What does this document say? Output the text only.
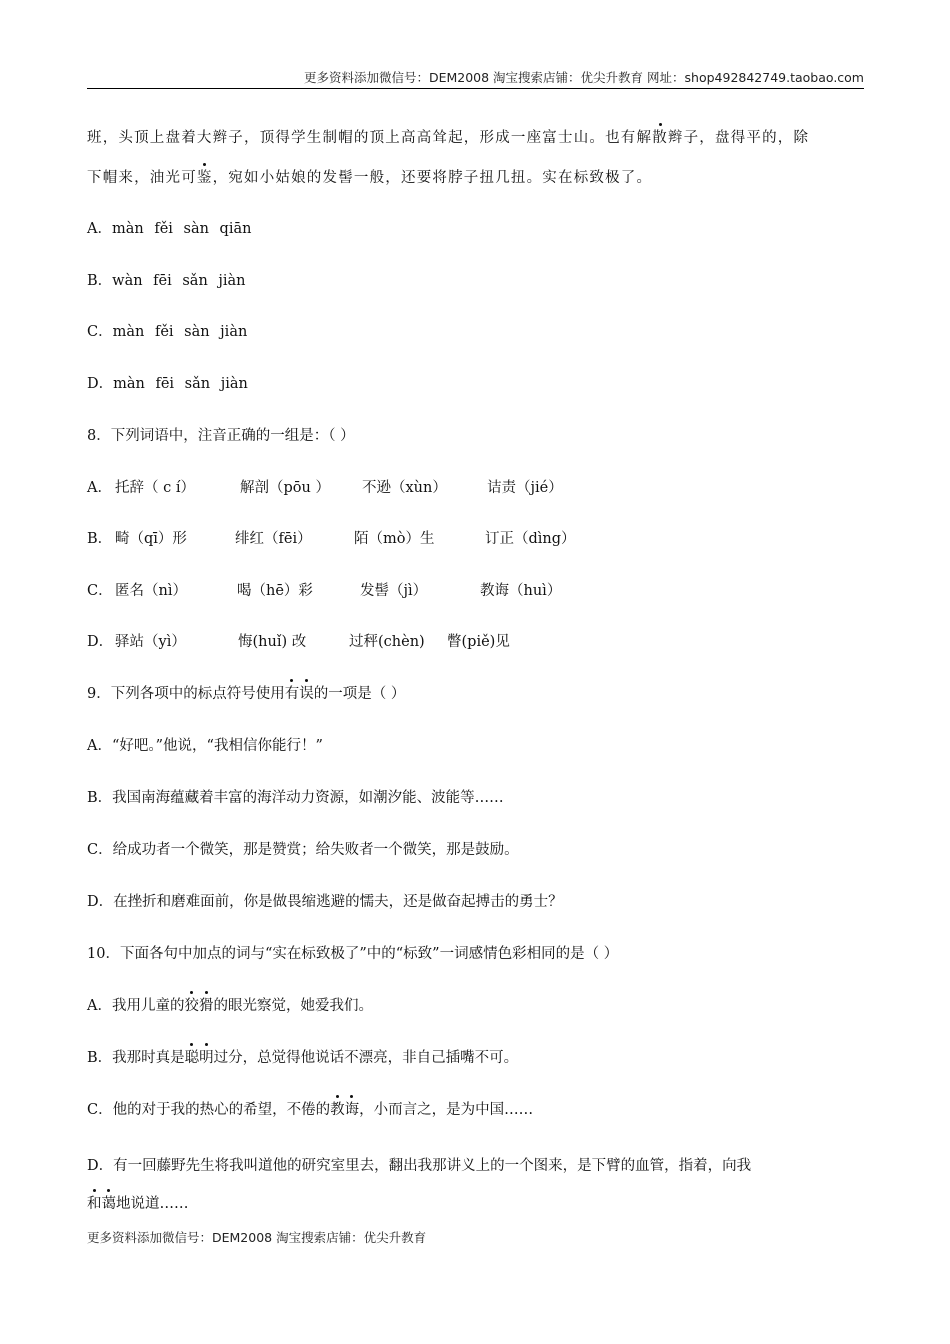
更多资料添加微信号：DEM2008 淘宝搜索店铺：优尖升教育 网址：shop492842749.taobao.com
班，头顶上盘着大辫子，顶得学生制帽的顶上高高耸起，形成一座富士山。也有解散辫子，盘得平的，除
下帽来，油光可鉴，宛如小姑娘的发髻一般，还要将脖子扭几扭。实在标致极了。
A．màn fěi sàn qiān
B．wàn fēi sǎn jiàn
C．màn fěi sàn jiàn
D．màn fēi sǎn jiàn
8．下列词语中，注音正确的一组是：（ ）
A． 托辞（ c í）	解剖（pōu ） 不逊（xùn）	诘责（jié）
B． 畸（qī）形	绯红（fēi）	陌（mò）生	订正（dìng）
C． 匿名（nì）	喝（hē）彩	发髻（jì）	教诲（huì）
D． 驿站（yì）	悔(huǐ) 改	过秤(chèn) 瞥(piě)见
9．下列各项中的标点符号使用有误的一项是（ ）
A．“好吧。”他说，“我相信你能行！”
B．我国南海蕴藏着丰富的海洋动力资源，如潮汐能、波能等……
C．给成功者一个微笑，那是赞赏；给失败者一个微笑，那是鼓励。
D．在挫折和磨难面前，你是做畏缩逃避的懦夫，还是做奋起搏击的勇士？
10．下面各句中加点的词与“实在标致极了”中的“标致”一词感情色彩相同的是（ ）
A．我用儿童的狡猾的眼光察觉，她爱我们。
B．我那时真是聪明过分，总觉得他说话不漂亮，非自己插嘴不可。
C．他的对于我的热心的希望，不倦的教诲，小而言之，是为中国……
D．有一回藤野先生将我叫道他的研究室里去，翻出我那讲义上的一个图来，是下臂的血管，指着，向我
和蔼地说道……
更多资料添加微信号：DEM2008 淘宝搜索店铺：优尖升教育
